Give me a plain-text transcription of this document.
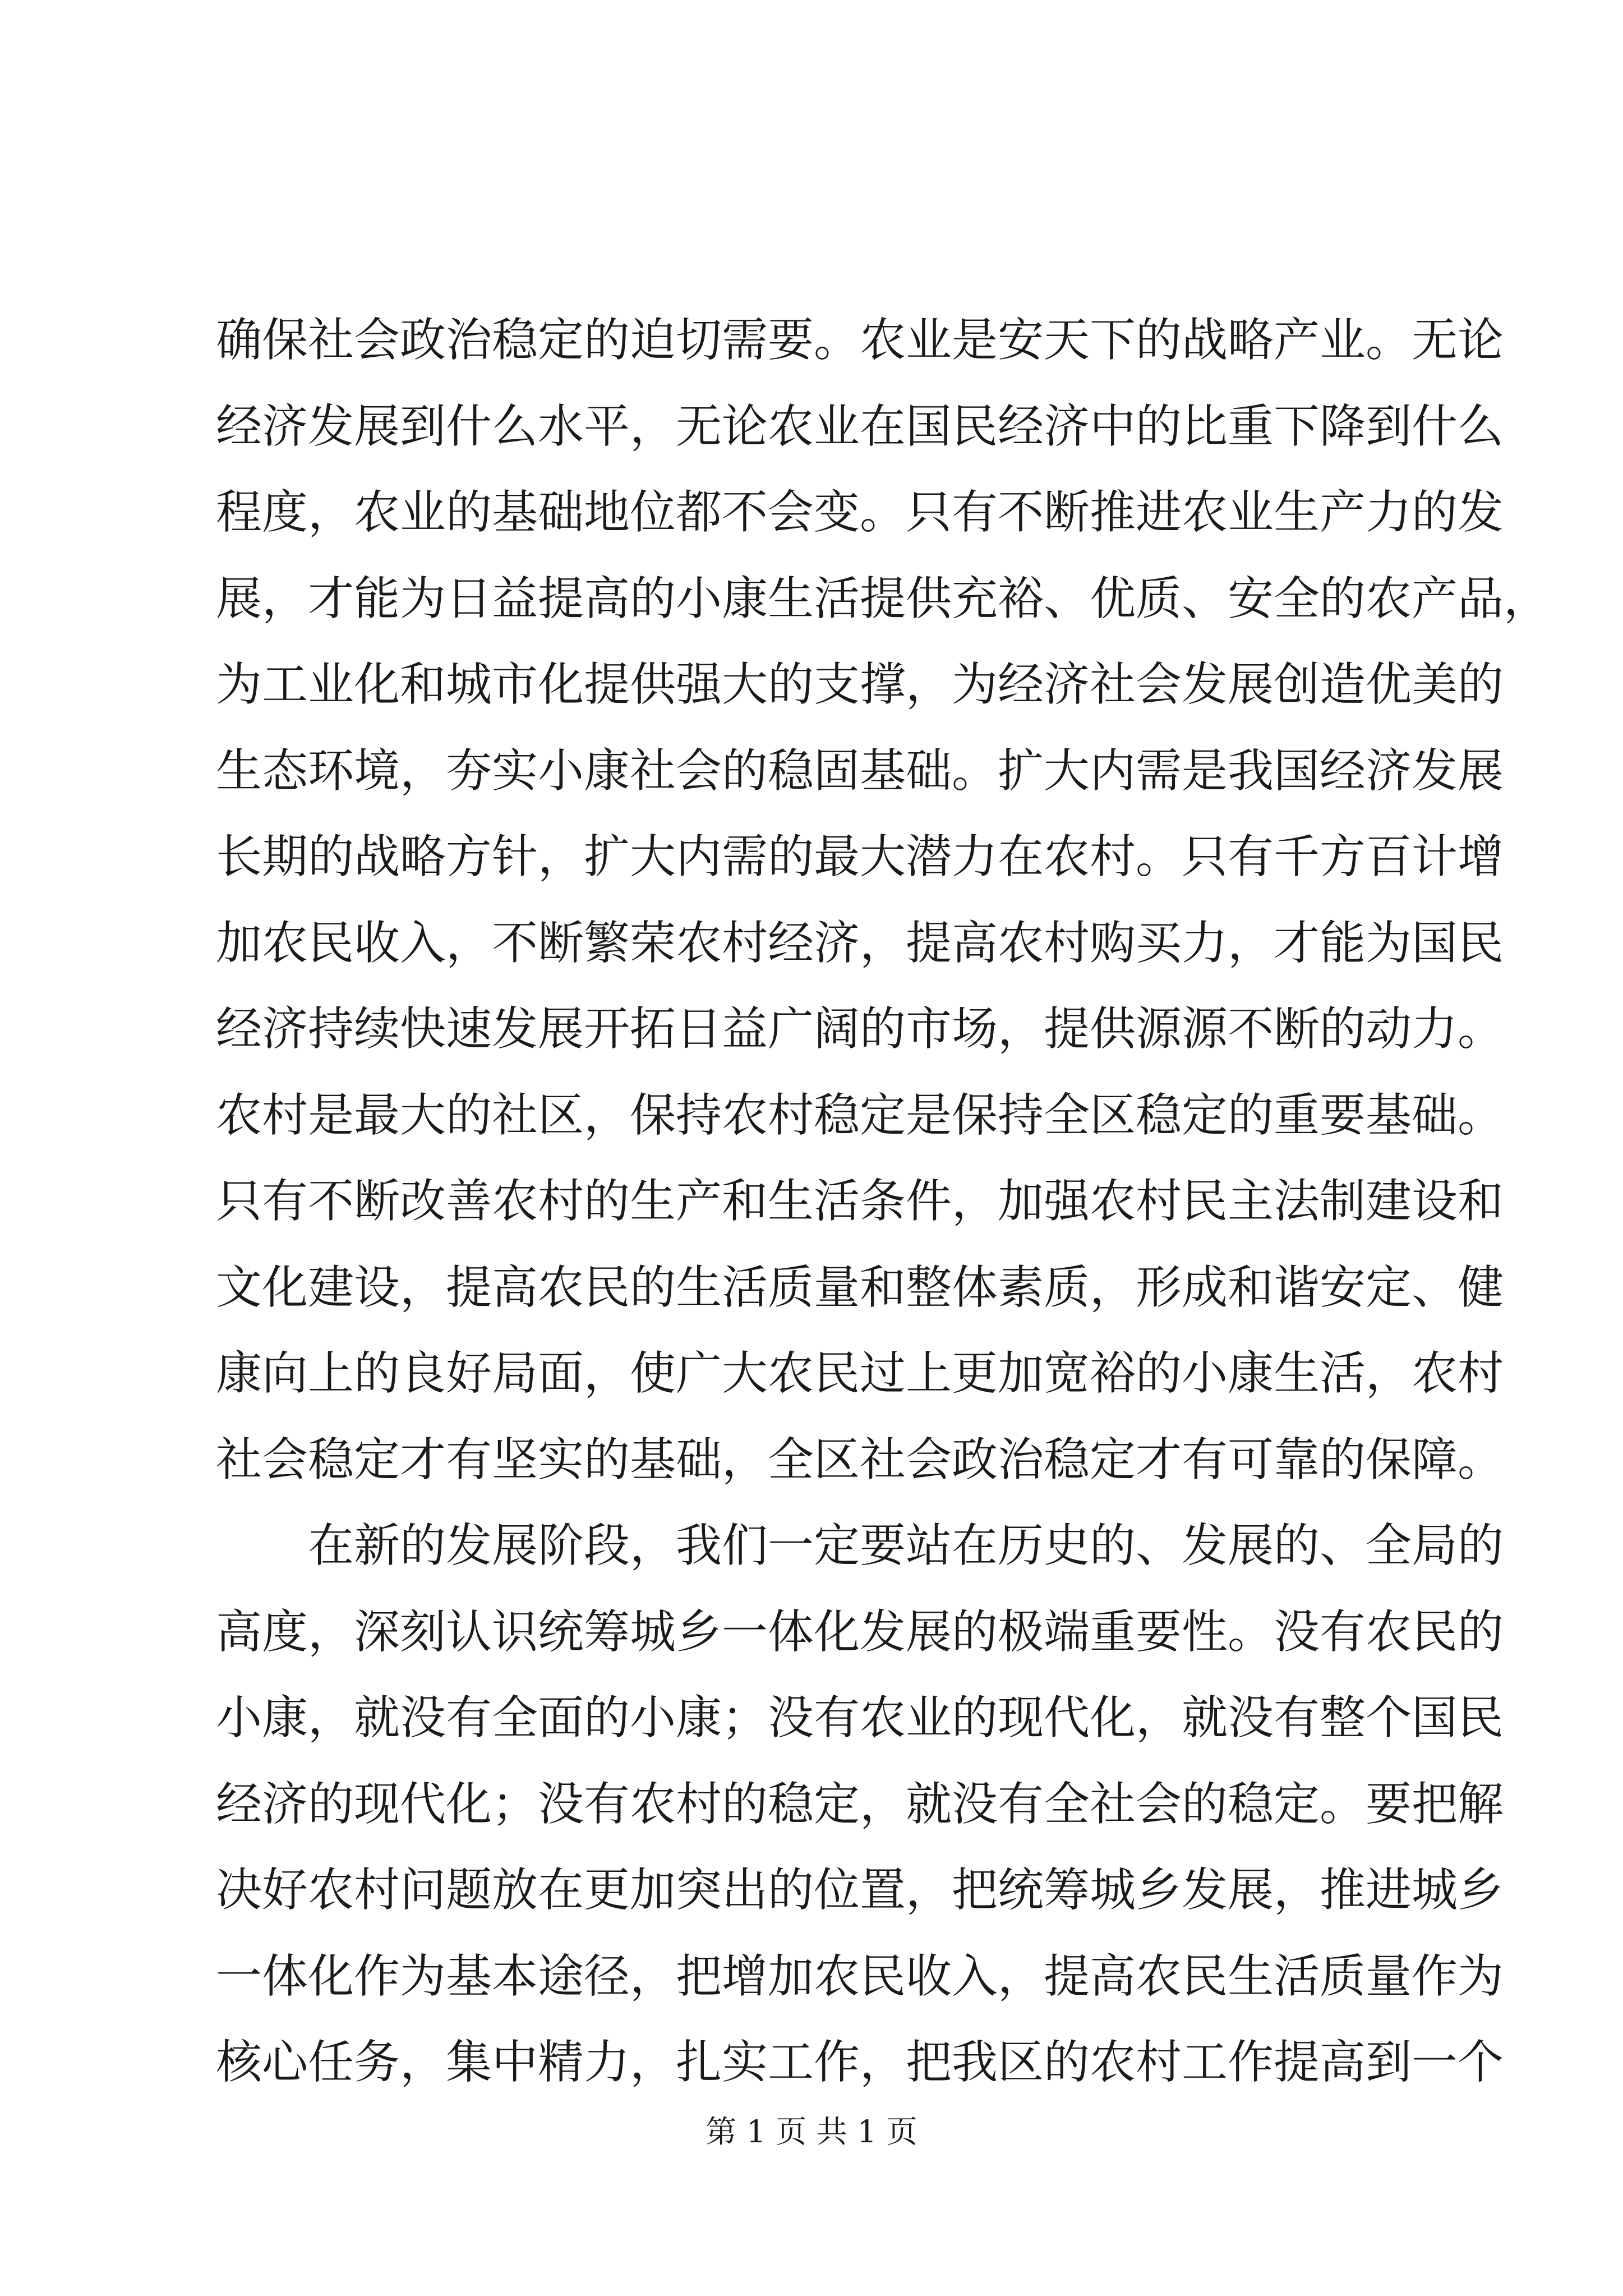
确保社会政治稳定的迫切需要。农业是安天下的战略产业。无论
经济发展到什么水平，无论农业在国民经济中的比重下降到什么
程度，农业的基础地位都不会变。只有不断推进农业生产力的发
展，才能为日益提高的小康生活提供充裕、优质、安全的农产品，
为工业化和城市化提供强大的支撑，为经济社会发展创造优美的
生态环境，夯实小康社会的稳固基础。扩大内需是我国经济发展
长期的战略方针，扩大内需的最大潜力在农村。只有千方百计增
加农民收入，不断繁荣农村经济，提高农村购买力，才能为国民
经济持续快速发展开拓日益广阔的市场，提供源源不断的动力。
农村是最大的社区，保持农村稳定是保持全区稳定的重要基础。
只有不断改善农村的生产和生活条件，加强农村民主法制建设和
文化建设，提高农民的生活质量和整体素质，形成和谐安定、健
康向上的良好局面，使广大农民过上更加宽裕的小康生活，农村
社会稳定才有坚实的基础，全区社会政治稳定才有可靠的保障。
在新的发展阶段，我们一定要站在历史的、发展的、全局的
高度，深刻认识统筹城乡一体化发展的极端重要性。没有农民的
小康，就没有全面的小康；没有农业的现代化，就没有整个国民
经济的现代化；没有农村的稳定，就没有全社会的稳定。要把解
决好农村问题放在更加突出的位置，把统筹城乡发展，推进城乡
一体化作为基本途径，把增加农民收入，提高农民生活质量作为
核心任务，集中精力，扎实工作，把我区的农村工作提高到一个
第 1 页 共 1 页
